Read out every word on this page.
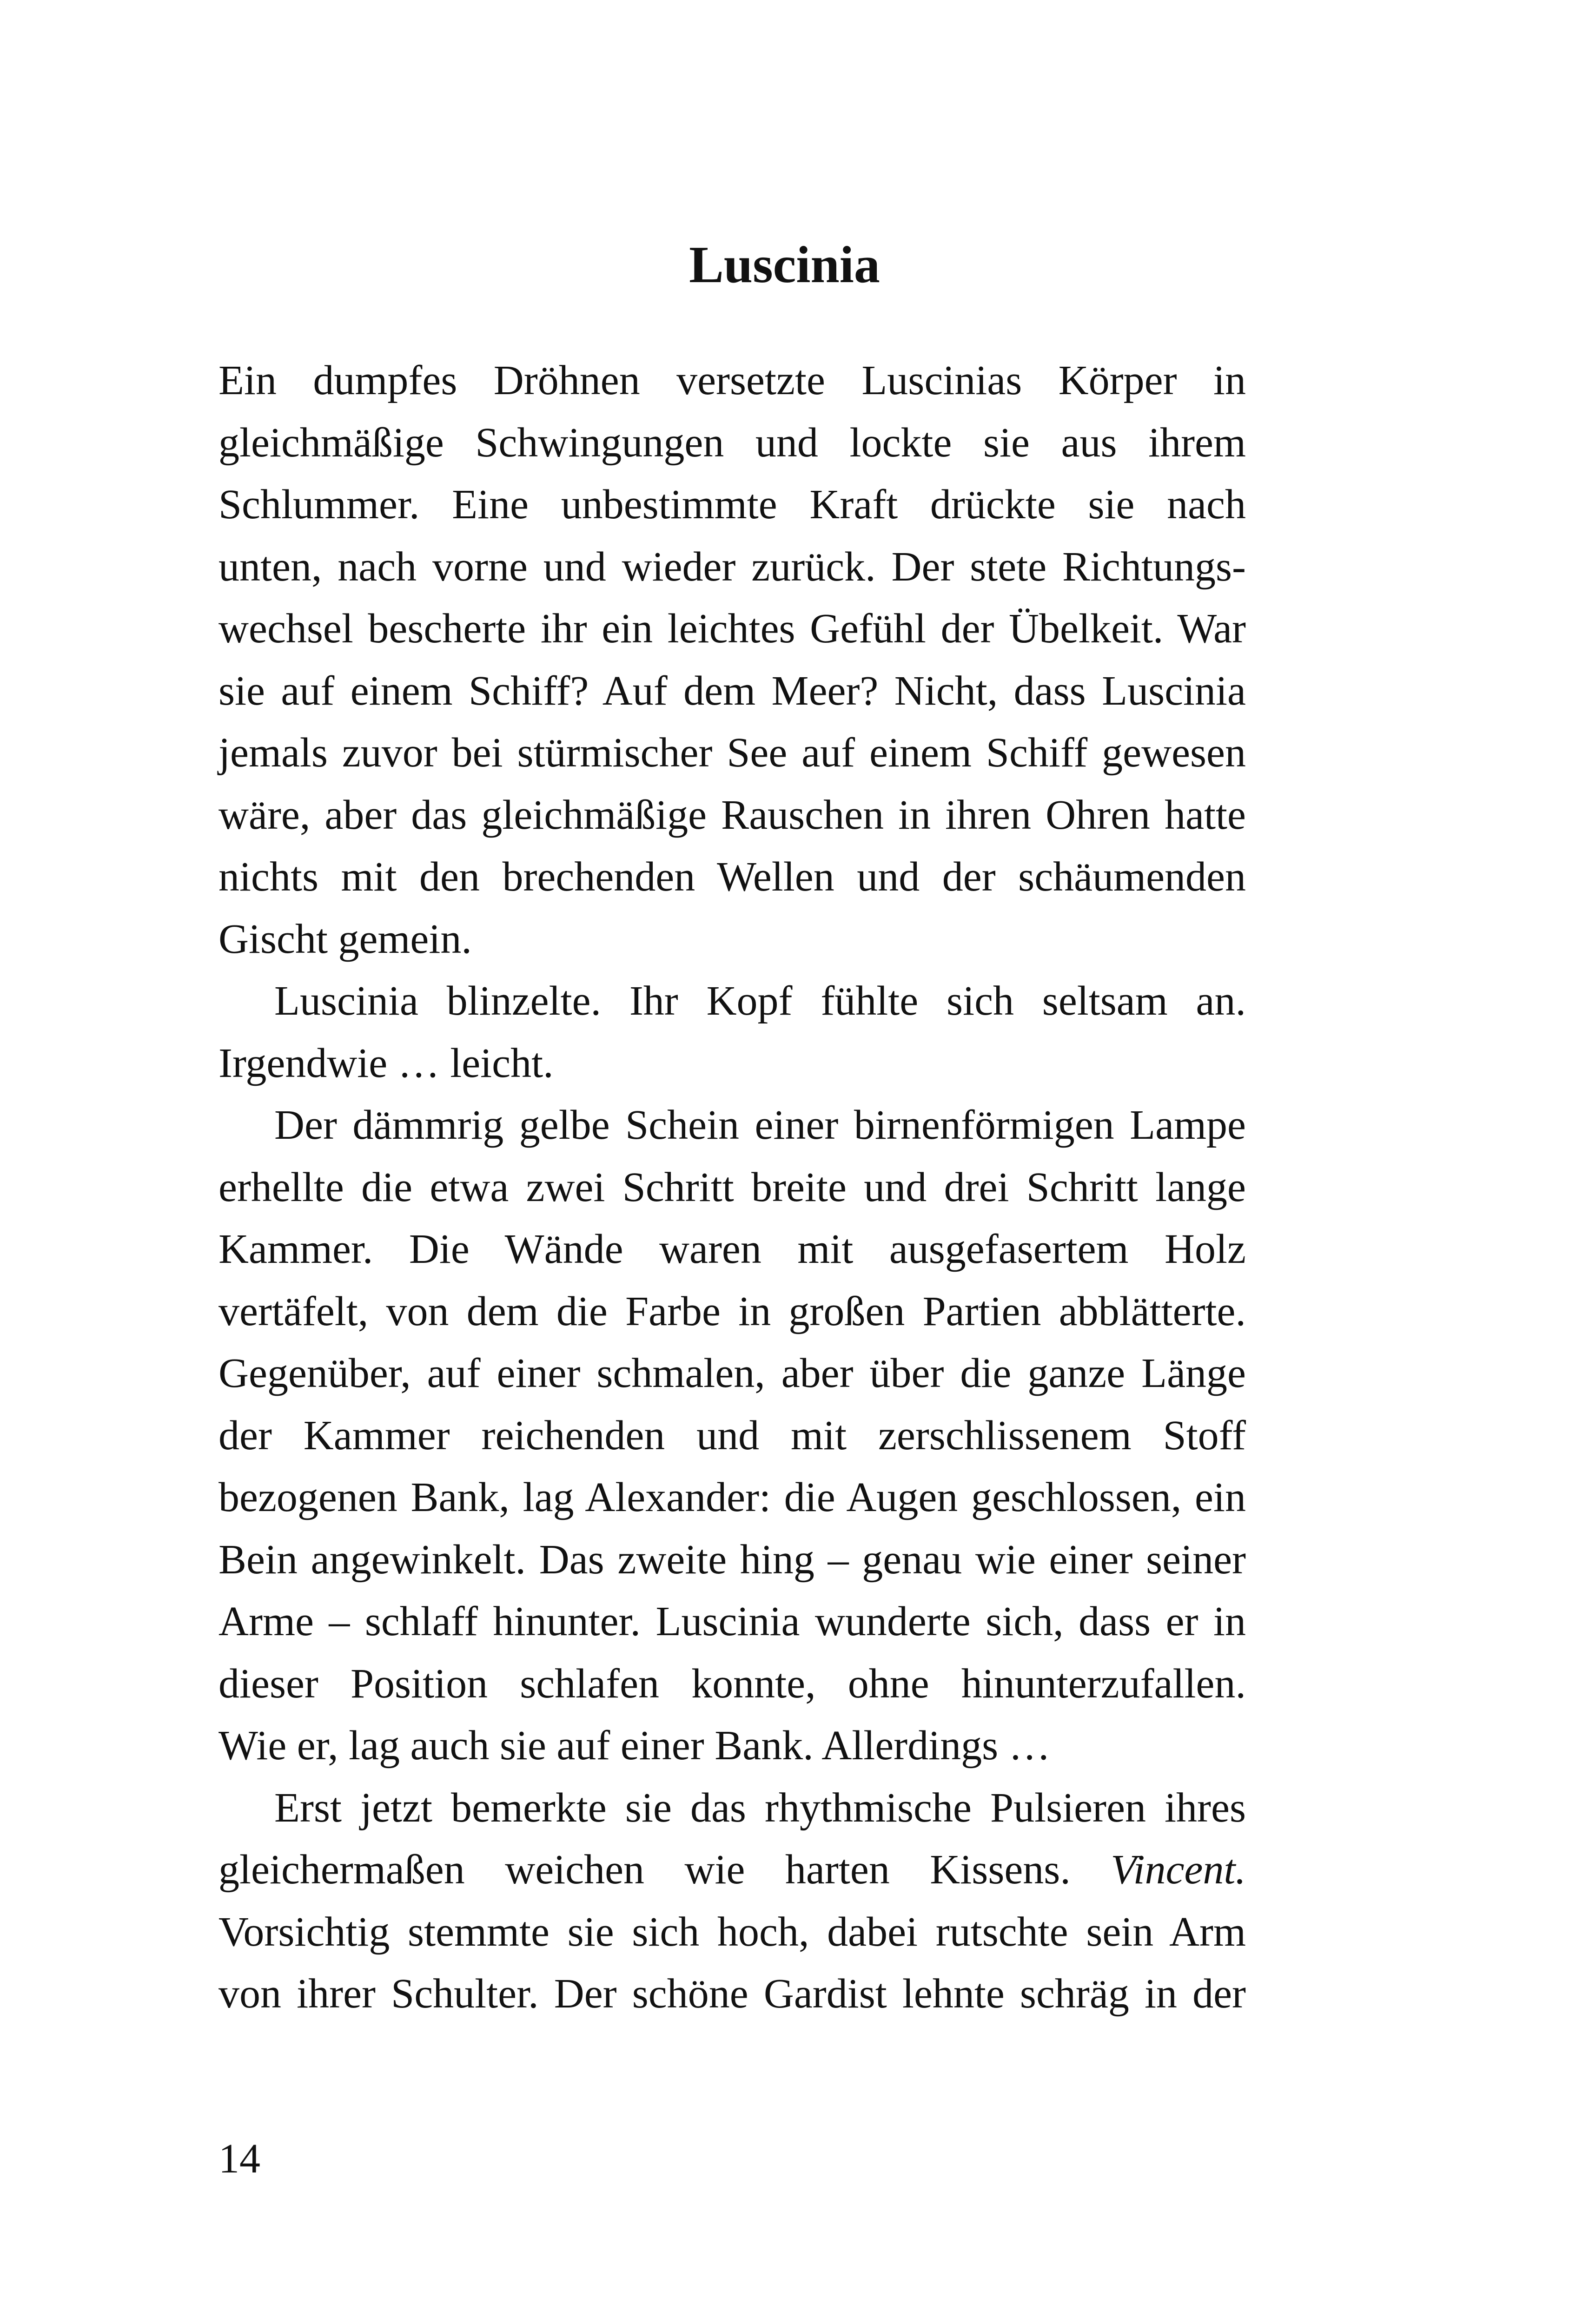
Luscinia
Ein dumpfes Dröhnen versetzte Luscinias Körper in
gleichmäßige Schwingungen und lockte sie aus ihrem
Schlummer. Eine unbestimmte Kraft drückte sie nach
unten, nach vorne und wieder zurück. Der stete Richtungs-
wechsel bescherte ihr ein leichtes Gefühl der Übelkeit. War
sie auf einem Schiff? Auf dem Meer? Nicht, dass Luscinia
jemals zuvor bei stürmischer See auf einem Schiff gewesen
wäre, aber das gleichmäßige Rauschen in ihren Ohren hatte
nichts mit den brechenden Wellen und der schäumenden
Gischt gemein.
Luscinia blinzelte. Ihr Kopf fühlte sich seltsam an.
Irgendwie … leicht.
Der dämmrig gelbe Schein einer birnenförmigen Lampe
erhellte die etwa zwei Schritt breite und drei Schritt lange
Kammer. Die Wände waren mit ausgefasertem Holz
vertäfelt, von dem die Farbe in großen Partien abblätterte.
Gegenüber, auf einer schmalen, aber über die ganze Länge
der Kammer reichenden und mit zerschlissenem Stoff
bezogenen Bank, lag Alexander: die Augen geschlossen, ein
Bein angewinkelt. Das zweite hing – genau wie einer seiner
Arme – schlaff hinunter. Luscinia wunderte sich, dass er in
dieser Position schlafen konnte, ohne hinunterzufallen.
Wie er, lag auch sie auf einer Bank. Allerdings …
Erst jetzt bemerkte sie das rhythmische Pulsieren ihres
gleichermaßen weichen wie harten Kissens. Vincent.
Vorsichtig stemmte sie sich hoch, dabei rutschte sein Arm
von ihrer Schulter. Der schöne Gardist lehnte schräg in der
14
